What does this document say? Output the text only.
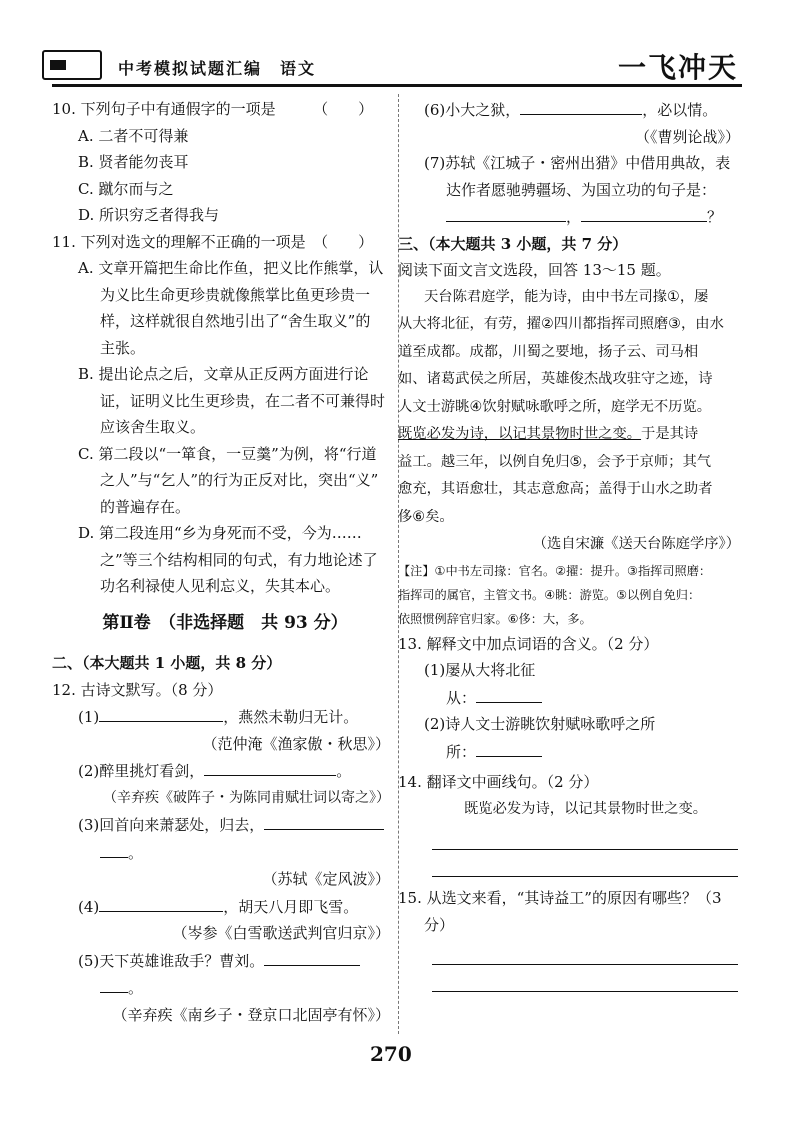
中考模拟试题汇编　语文	一飞冲天
10. 下列句子中有通假字的一项是　　　（　　）
A. 二者不可得兼
B. 贤者能勿丧耳
C. 蹴尔而与之
D. 所识穷乏者得我与
11. 下列对选文的理解不正确的一项是　（　　）
A. 文章开篇把生命比作鱼，把义比作熊掌，认
为义比生命更珍贵就像熊掌比鱼更珍贵一
样，这样就很自然地引出了“舍生取义”的
主张。
B. 提出论点之后，文章从正反两方面进行论
证，证明义比生更珍贵，在二者不可兼得时
应该舍生取义。
C. 第二段以“一箪食，一豆羹”为例，将“行道
之人”与“乞人”的行为正反对比，突出“义”
的普遍存在。
D. 第二段连用“乡为身死而不受，今为……
之”等三个结构相同的句式，有力地论述了
功名利禄使人见利忘义，失其本心。
第Ⅱ卷　（非选择题　共 93 分）
二、（本大题共 1 小题，共 8 分）
12. 古诗文默写。（8 分）
(1)	，燕然未勒归无计。
（范仲淹《渔家傲・秋思》）
(2)醉里挑灯看剑，	。
（辛弃疾《破阵子・为陈同甫赋壮词以寄之》）
(3)回首向来萧瑟处，归去，
。
（苏轼《定风波》）
(4)	，胡天八月即飞雪。
（岑参《白雪歌送武判官归京》）
(5)天下英雄谁敌手？曹刘。
。
（辛弃疾《南乡子・登京口北固亭有怀》）
(6)小大之狱，	，必以情。
（《曹刿论战》）
(7)苏轼《江城子・密州出猎》中借用典故，表
达作者愿驰骋疆场、为国立功的句子是：
，	？
三、（本大题共 3 小题，共 7 分）
阅读下面文言文选段，回答 13～15 题。
天台陈君庭学，能为诗，由中书左司掾①，屡
从大将北征，有劳，擢②四川都指挥司照磨③，由水
道至成都。成都，川蜀之要地，扬子云、司马相
如、诸葛武侯之所居，英雄俊杰战攻驻守之迹，诗
人文士游眺④饮射赋咏歌呼之所，庭学无不历览。
既览必发为诗，以记其景物时世之变。于是其诗
益工。越三年，以例自免归⑤，会予于京师；其气
愈充，其语愈壮，其志意愈高；盖得于山水之助者
侈⑥矣。
（选自宋濂《送天台陈庭学序》）
【注】①中书左司掾：官名。②擢：提升。③指挥司照磨：
指挥司的属官，主管文书。④眺：游览。⑤以例自免归：
依照惯例辞官归家。⑥侈：大，多。
13. 解释文中加点词语的含义。（2 分）
(1)屡从大将北征
从：
(2)诗人文士游眺饮射赋咏歌呼之所
所：
14. 翻译文中画线句。（2 分）
既览必发为诗，以记其景物时世之变。
15. 从选文来看，“其诗益工”的原因有哪些？（3
分）
270
